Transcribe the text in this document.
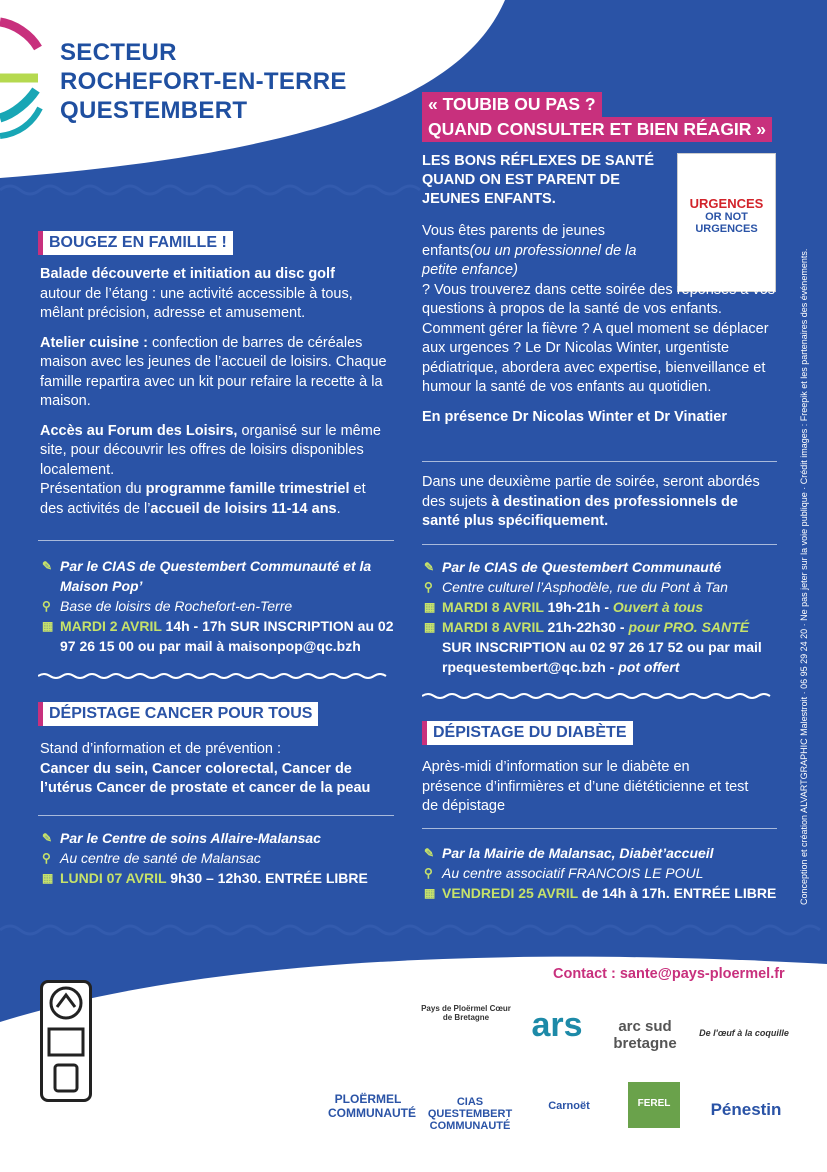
SECTEUR
ROCHEFORT-EN-TERRE
QUESTEMBERT
BOUGEZ EN FAMILLE !

Balade découverte et initiation au disc golf
autour de l’étang : une activité accessible à tous, mêlant précision, adresse et amusement.

Atelier cuisine : confection de barres de céréales maison avec les jeunes de l’accueil de loisirs. Chaque famille repartira avec un kit pour refaire la recette à la maison.

Accès au Forum des Loisirs, organisé sur le même site, pour découvrir les offres de loisirs disponibles localement.
Présentation du programme famille trimestriel et des activités de l’accueil de loisirs 11-14 ans.

✎ Par le CIAS de Questembert Communauté et la Maison Pop’
⚲ Base de loisirs de Rochefort-en-Terre
▦ MARDI 2 AVRIL 14h - 17h SUR INSCRIPTION au 02 97 26 15 00 ou par mail à maisonpop@qc.bzh
DÉPISTAGE CANCER POUR TOUS

Stand d’information et de prévention :

Cancer du sein, Cancer colorectal, Cancer de l’utérus Cancer de prostate et cancer de la peau

✎ Par le Centre de soins Allaire-Malansac
⚲ Au centre de santé de Malansac
▦ LUNDI 07 AVRIL 9h30 – 12h30. ENTRÉE LIBRE
« TOUBIB OU PAS ?
QUAND CONSULTER ET BIEN RÉAGIR »
LES BONS RÉFLEXES DE SANTÉ QUAND ON EST PARENT DE JEUNES ENFANTS.	URGENCES
OR NOT
URGENCES

Vous êtes parents de jeunes enfants(ou un professionnel de la petite enfance)

? Vous trouverez dans cette soirée des réponses à vos questions à propos de la santé de vos enfants. Comment gérer la fièvre ? A quel moment se déplacer aux urgences ? Le Dr Nicolas Winter, urgentiste pédiatrique, abordera avec expertise, bienveillance et humour la santé de vos enfants au quotidien.

En présence Dr Nicolas Winter et Dr Vinatier

Dans une deuxième partie de soirée, seront abordés des sujets à destination des professionnels de santé plus spécifiquement.

✎ Par le CIAS de Questembert Communauté
⚲ Centre culturel l’Asphodèle, rue du Pont à Tan
▦ MARDI 8 AVRIL 19h-21h - Ouvert à tous
▦ MARDI 8 AVRIL 21h-22h30 - pour PRO. SANTÉ
SUR INSCRIPTION au 02 97 26 17 52 ou par mail
rpequestembert@qc.bzh - pot offert
DÉPISTAGE DU DIABÈTE

Après-midi d’information sur le diabète en présence d’infirmières et d’une diététicienne et test de dépistage

✎ Par la Mairie de Malansac, Diabèt’accueil
⚲ Au centre associatif FRANCOIS LE POUL
▦ VENDREDI 25 AVRIL de 14h à 17h. ENTRÉE LIBRE	Conception et création ALVARTGRAPHIC Malestroit · 06 95 29 24 20 · Ne pas jeter sur la voie publique · Crédit images : Freepik et les partenaires des événements.
Contact : sante@pays-ploermel.fr
Pays de Ploërmel Cœur de Bretagne	ars	arc sud bretagne
De l'œuf à la coquille
PLOËRMEL COMMUNAUTÉ
CIAS QUESTEMBERT COMMUNAUTÉ
Carnoët	FEREL	Pénestin
